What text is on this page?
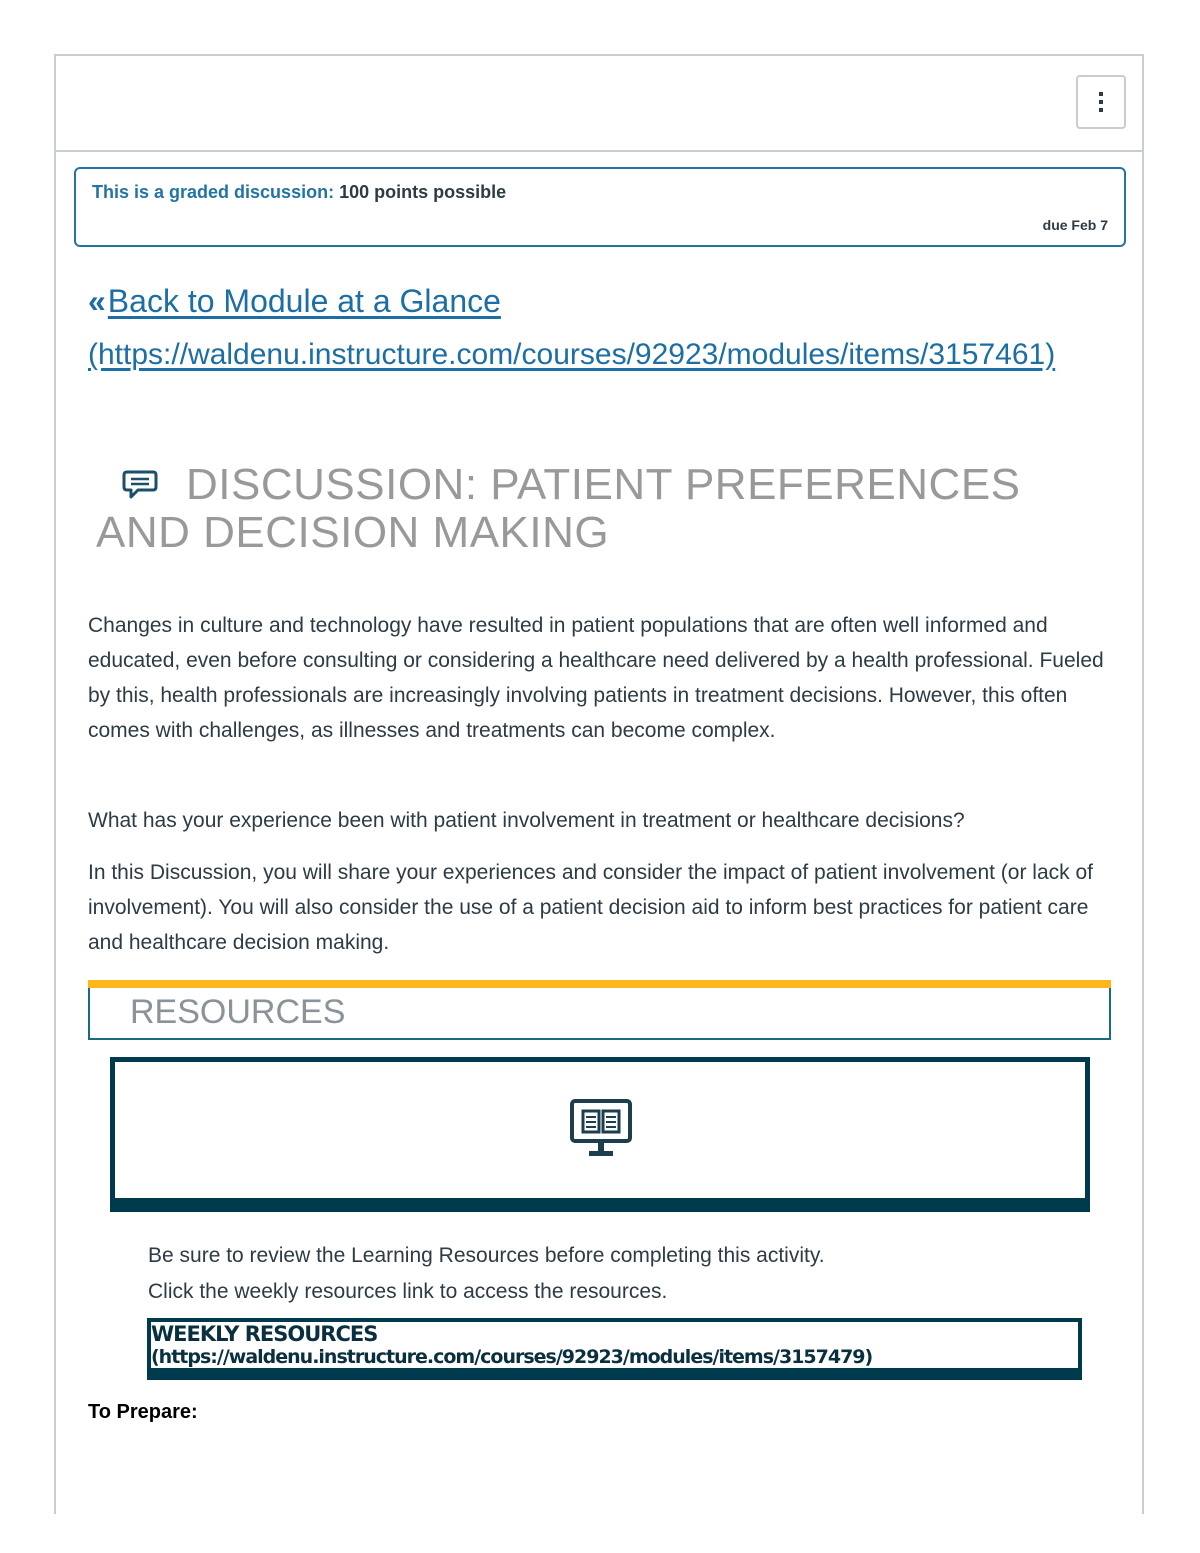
This is a graded discussion: 100 points possible
due Feb 7
«Back to Module at a Glance
(https://waldenu.instructure.com/courses/92923/modules/items/3157461)
DISCUSSION: PATIENT PREFERENCES AND DECISION MAKING

Changes in culture and technology have resulted in patient populations that are often well informed and educated, even before consulting or considering a healthcare need delivered by a health professional. Fueled by this, health professionals are increasingly involving patients in treatment decisions. However, this often comes with challenges, as illnesses and treatments can become complex.

What has your experience been with patient involvement in treatment or healthcare decisions?

In this Discussion, you will share your experiences and consider the impact of patient involvement (or lack of involvement). You will also consider the use of a patient decision aid to inform best practices for patient care and healthcare decision making.

RESOURCES
Be sure to review the Learning Resources before completing this activity.
Click the weekly resources link to access the resources.
WEEKLY RESOURCES (https://waldenu.instructure.com/courses/92923/modules/items/3157479)
To Prepare:
